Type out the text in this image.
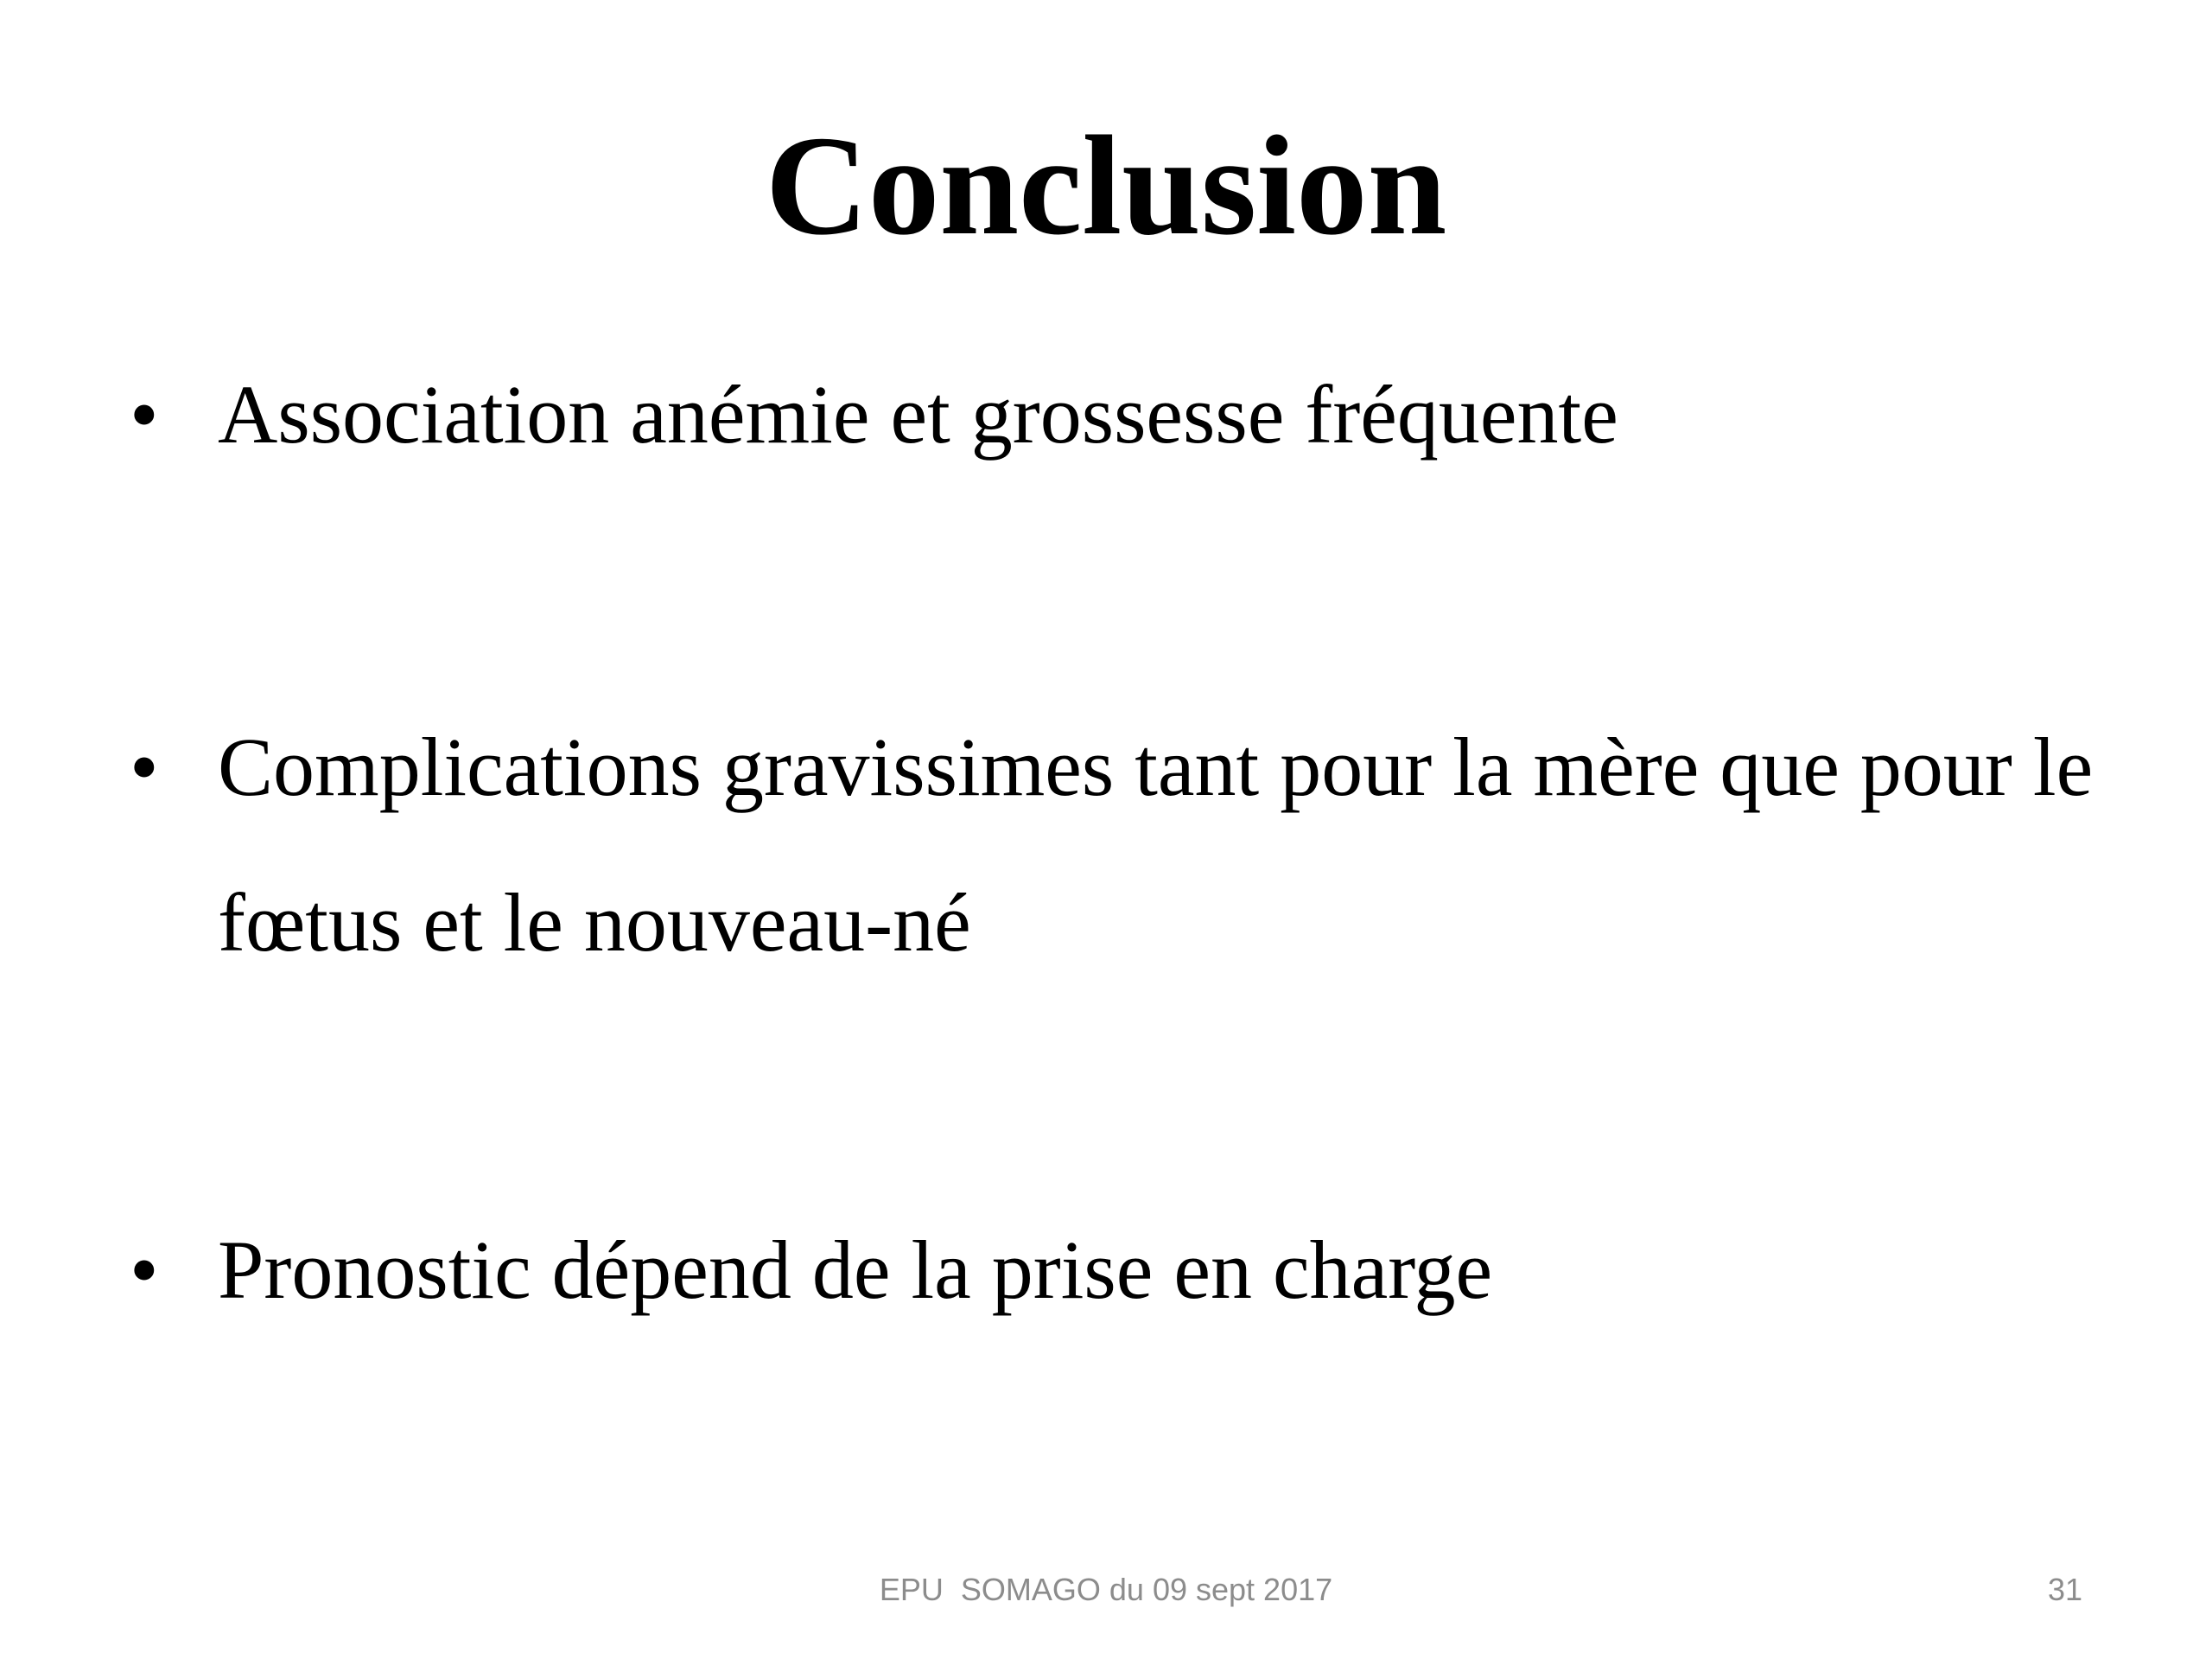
Conclusion
• Association anémie et grossesse fréquente
• Complications gravissimes tant pour la mère que pour le fœtus et le nouveau-né
• Pronostic dépend de la prise en charge
EPU  SOMAGO du 09 sept 2017	31
